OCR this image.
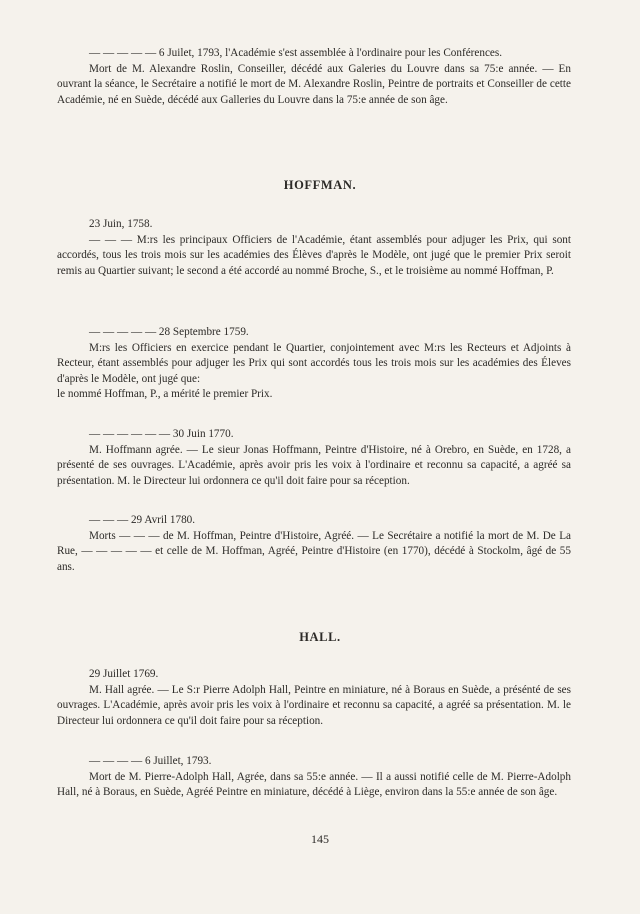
— — — — — 6 Juilet, 1793, l'Académie s'est assemblée à l'ordinaire pour les Conférences.

Mort de M. Alexandre Roslin, Conseiller, décédé aux Galeries du Louvre dans sa 75:e année. — En ouvrant la séance, le Secrétaire a notifié le mort de M. Alexandre Roslin, Peintre de portraits et Conseiller de cette Académie, né en Suède, décédé aux Galleries du Louvre dans la 75:e année de son âge.

HOFFMAN.

23 Juin, 1758.

— — — M:rs les principaux Officiers de l'Académie, étant assemblés pour adjuger les Prix, qui sont accordés, tous les trois mois sur les académies des Élèves d'après le Modèle, ont jugé que le premier Prix seroit remis au Quartier suivant; le second a été accordé au nommé Broche, S., et le troisième au nommé Hoffman, P.

— — — — — 28 Septembre 1759.

M:rs les Officiers en exercice pendant le Quartier, conjointement avec M:rs les Recteurs et Adjoints à Recteur, étant assemblés pour adjuger les Prix qui sont accordés tous les trois mois sur les académies des Éleves d'après le Modèle, ont jugé que:

le nommé Hoffman, P., a mérité le premier Prix.

— — — — — — 30 Juin 1770.

M. Hoffmann agrée. — Le sieur Jonas Hoffmann, Peintre d'Histoire, né à Orebro, en Suède, en 1728, a présenté de ses ouvrages. L'Académie, après avoir pris les voix à l'ordinaire et reconnu sa capacité, a agréé sa présentation. M. le Directeur lui ordonnera ce qu'il doit faire pour sa réception.

— — — 29 Avril 1780.

Morts — — — de M. Hoffman, Peintre d'Histoire, Agréé. — Le Secrétaire a notifié la mort de M. De La Rue, — — — — — et celle de M. Hoffman, Agréé, Peintre d'Histoire (en 1770), décédé à Stockolm, âgé de 55 ans.

HALL.

29 Juillet 1769.

M. Hall agrée. — Le S:r Pierre Adolph Hall, Peintre en miniature, né à Boraus en Suède, a présénté de ses ouvrages. L'Académie, après avoir pris les voix à l'ordinaire et reconnu sa capacité, a agréé sa présentation. M. le Directeur lui ordonnera ce qu'il doit faire pour sa réception.

— — — — 6 Juillet, 1793.

Mort de M. Pierre-Adolph Hall, Agrée, dans sa 55:e année. — Il a aussi notifié celle de M. Pierre-Adolph Hall, né à Boraus, en Suède, Agréé Peintre en miniature, décédé à Liège, environ dans la 55:e année de son âge.

145
